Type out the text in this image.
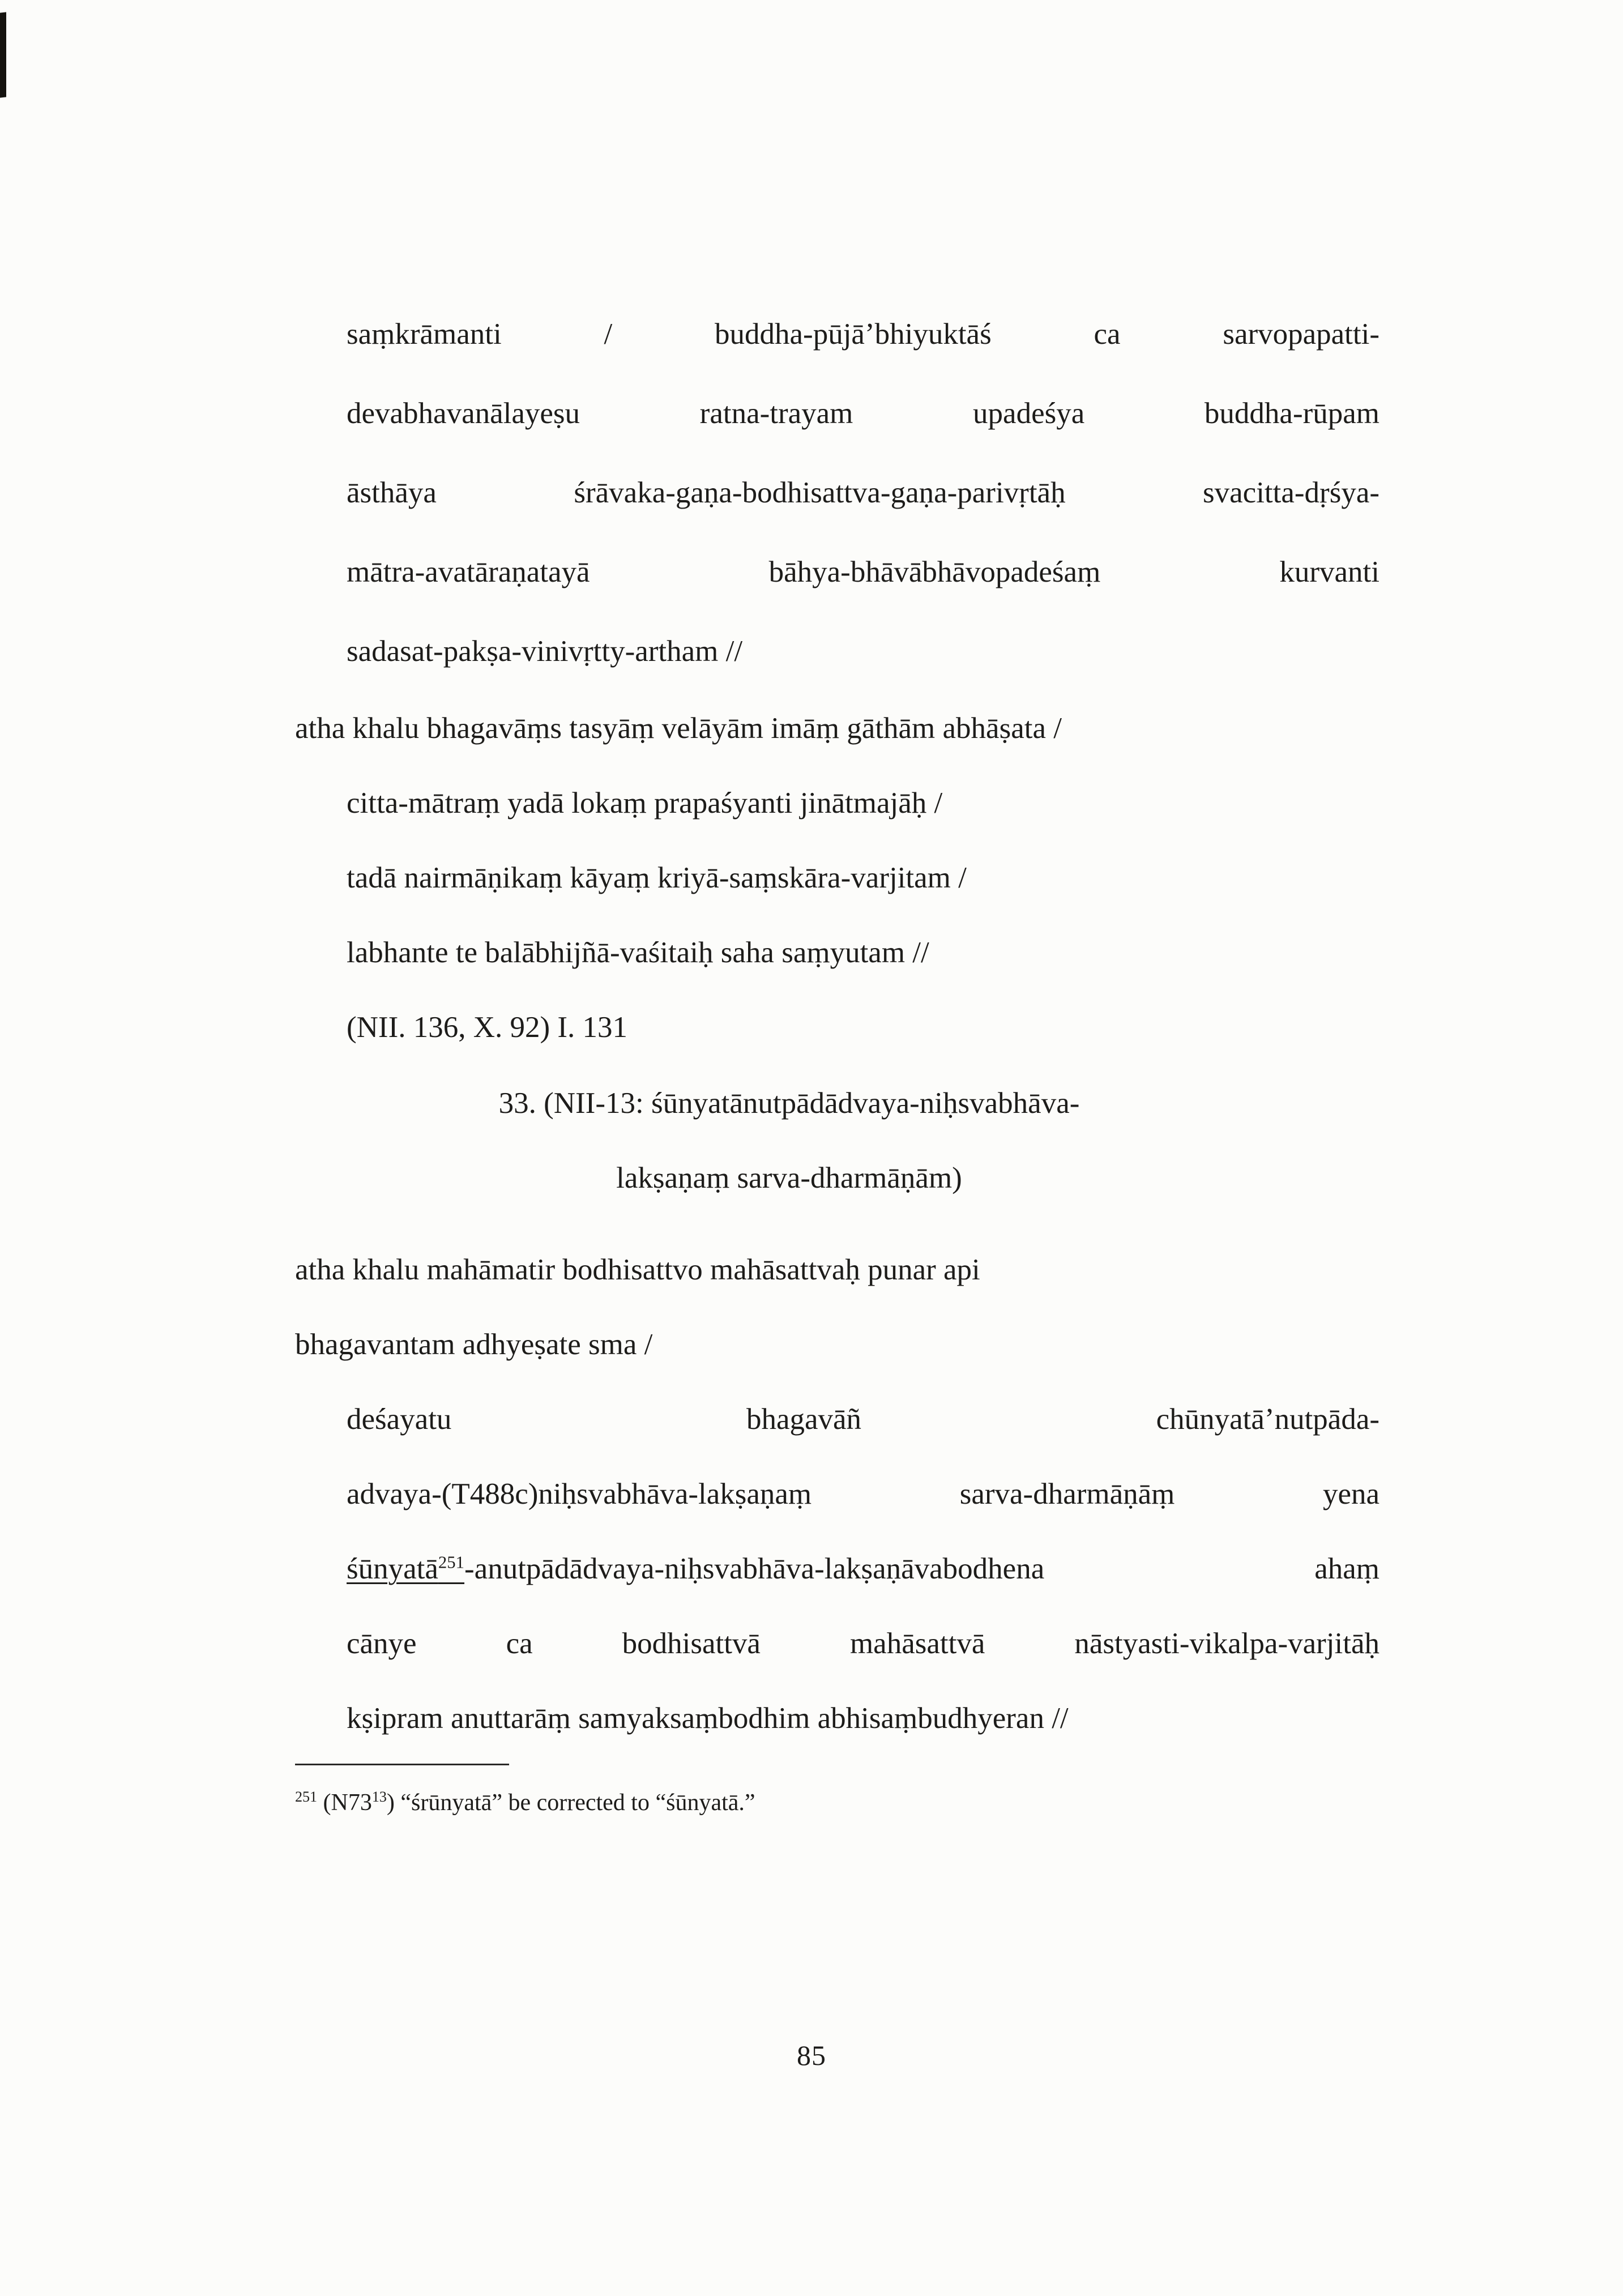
saṃkrāmanti / buddha-pūjā’bhiyuktāś ca sarvopapatti-
devabhavanālayeṣu ratna-trayam upadeśya buddha-rūpam
āsthāya śrāvaka-gaṇa-bodhisattva-gaṇa-parivṛtāḥ svacitta-dṛśya-
mātra-avatāraṇatayā bāhya-bhāvābhāvopadeśaṃ kurvanti
sadasat-pakṣa-vinivṛtty-artham //
atha khalu bhagavāṃs tasyāṃ velāyām imāṃ gāthām abhāṣata /
citta-mātraṃ yadā lokaṃ prapaśyanti jinātmajāḥ /
tadā nairmāṇikaṃ kāyaṃ kriyā-saṃskāra-varjitam /
labhante te balābhijñā-vaśitaiḥ saha saṃyutam //
(NII. 136, X. 92) I. 131
33. (NII-13: śūnyatānutpādādvaya-niḥsvabhāva-
lakṣaṇaṃ sarva-dharmāṇām)
atha khalu mahāmatir bodhisattvo mahāsattvaḥ punar api
bhagavantam adhyeṣate sma /
deśayatu bhagavāñ chūnyatā’nutpāda-
advaya-(T488c)niḥsvabhāva-lakṣaṇaṃ sarva-dharmāṇāṃ yena
śūnyatā$^{251}$-anutpādādvaya-niḥsvabhāva-lakṣaṇāvabodhena ahaṃ
cānye ca bodhisattvā mahāsattvā nāstyasti-vikalpa-varjitāḥ
kṣipram anuttarāṃ samyaksaṃbodhim abhisaṃbudhyeran //
$^{251}$ $(N73^{13})$ “śrūnyatā” be corrected to “śūnyatā.”
85
